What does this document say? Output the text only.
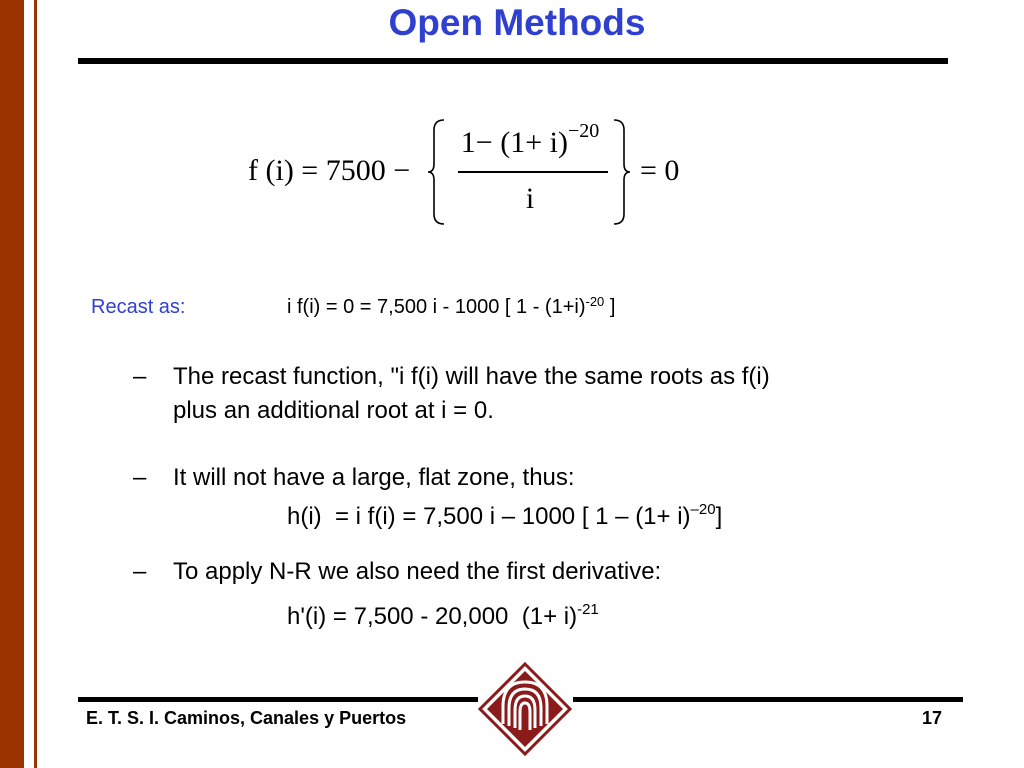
Open Methods
f (i) = 7500 −
$1- (1+ i)^{-20}$
i
= 0
Recast as:	i f(i) = 0 = 7,500 i - 1000 [ $1 - (1+i)^{-20}$ ]
– The recast function, "i f(i) will have the same roots as f(i)
plus an additional root at i = 0.
– It will not have a large, flat zone, thus:
h(i)  = i f(i) = 7,500 i – 1000 [ $1 - (1+ i)^{-20}$]
– To apply N-R we also need the first derivative:
h'(i) = 7,500 - 20,000  $(1+ i)^{-21}$
E. T. S. I. Caminos, Canales y Puertos	17
